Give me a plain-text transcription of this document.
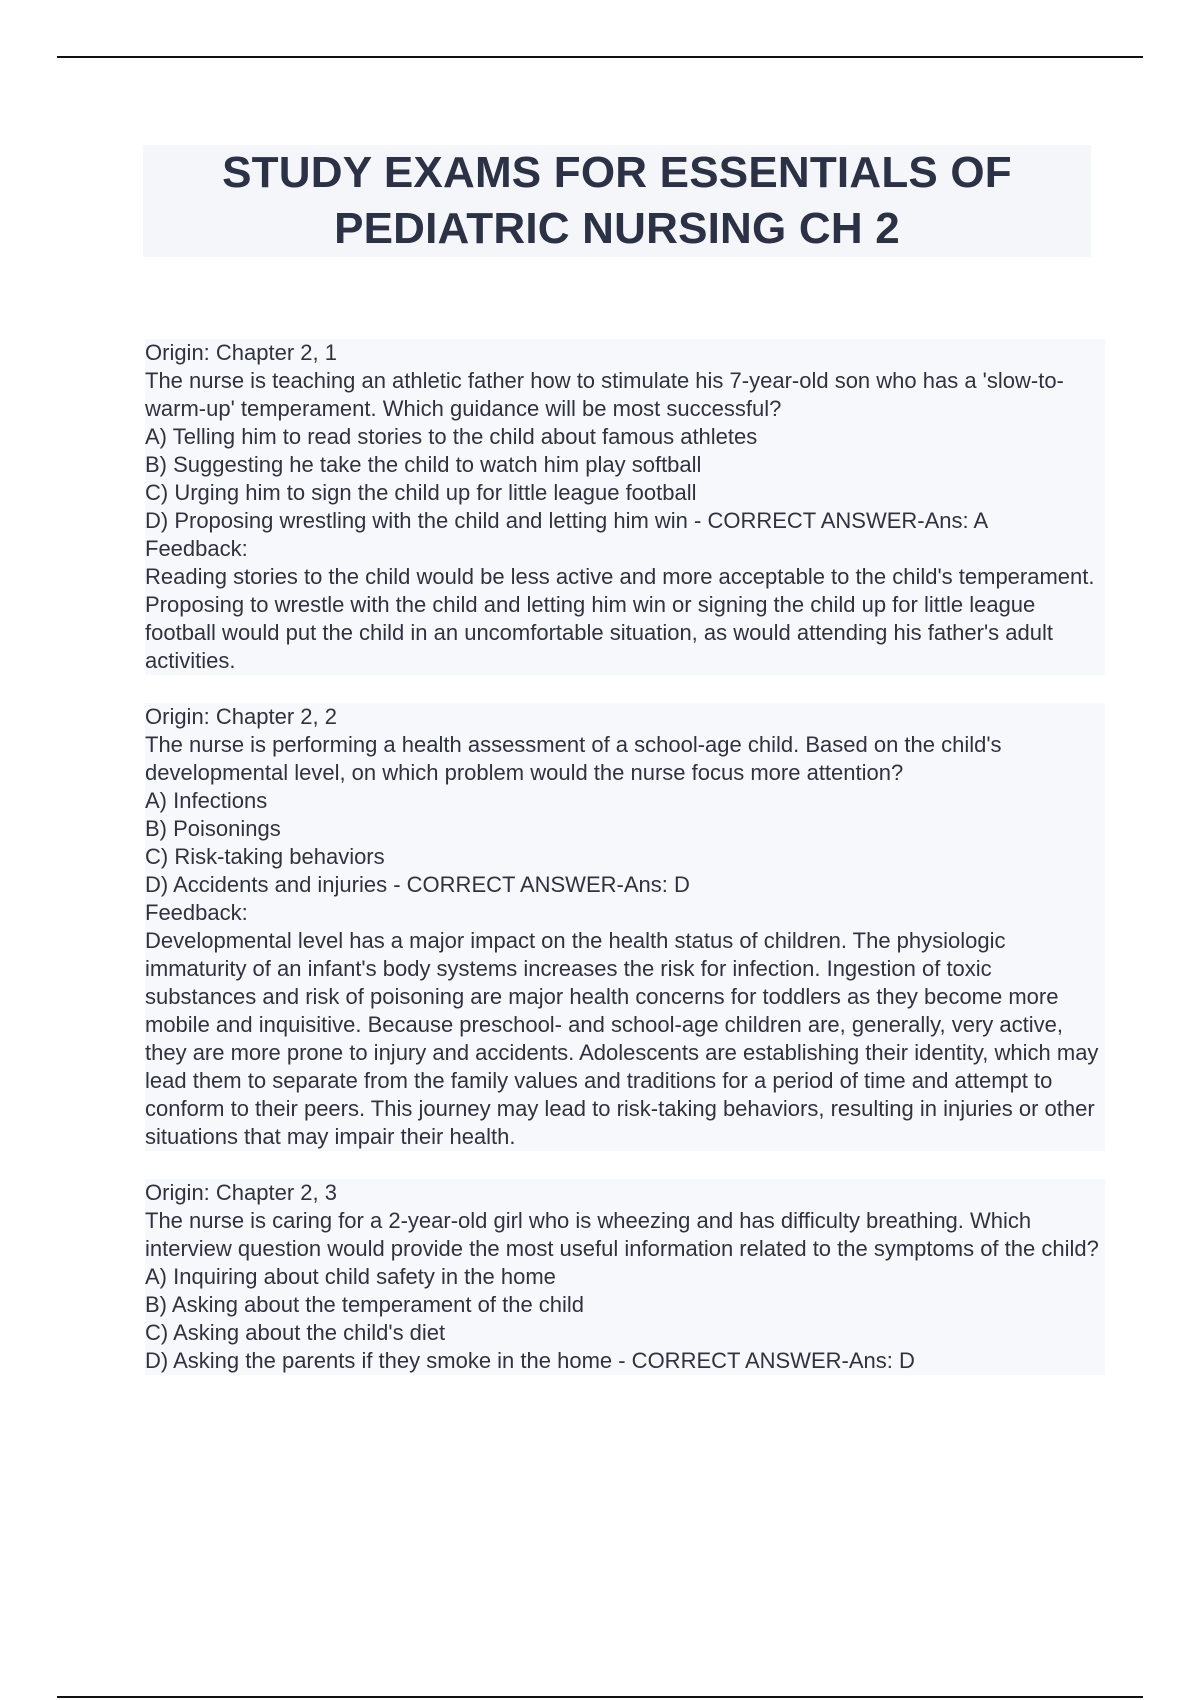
STUDY EXAMS FOR ESSENTIALS OF
PEDIATRIC NURSING CH 2
Origin: Chapter 2, 1
The nurse is teaching an athletic father how to stimulate his 7-year-old son who has a 'slow-to-warm-up' temperament. Which guidance will be most successful?
A) Telling him to read stories to the child about famous athletes
B) Suggesting he take the child to watch him play softball
C) Urging him to sign the child up for little league football
D) Proposing wrestling with the child and letting him win - CORRECT ANSWER-Ans: A
Feedback:
Reading stories to the child would be less active and more acceptable to the child's temperament. Proposing to wrestle with the child and letting him win or signing the child up for little league football would put the child in an uncomfortable situation, as would attending his father's adult activities.
Origin: Chapter 2, 2
The nurse is performing a health assessment of a school-age child. Based on the child's developmental level, on which problem would the nurse focus more attention?
A) Infections
B) Poisonings
C) Risk-taking behaviors
D) Accidents and injuries - CORRECT ANSWER-Ans: D
Feedback:
Developmental level has a major impact on the health status of children. The physiologic immaturity of an infant's body systems increases the risk for infection. Ingestion of toxic substances and risk of poisoning are major health concerns for toddlers as they become more mobile and inquisitive. Because preschool- and school-age children are, generally, very active, they are more prone to injury and accidents. Adolescents are establishing their identity, which may lead them to separate from the family values and traditions for a period of time and attempt to conform to their peers. This journey may lead to risk-taking behaviors, resulting in injuries or other situations that may impair their health.
Origin: Chapter 2, 3
The nurse is caring for a 2-year-old girl who is wheezing and has difficulty breathing. Which interview question would provide the most useful information related to the symptoms of the child?
A) Inquiring about child safety in the home
B) Asking about the temperament of the child
C) Asking about the child's diet
D) Asking the parents if they smoke in the home - CORRECT ANSWER-Ans: D
